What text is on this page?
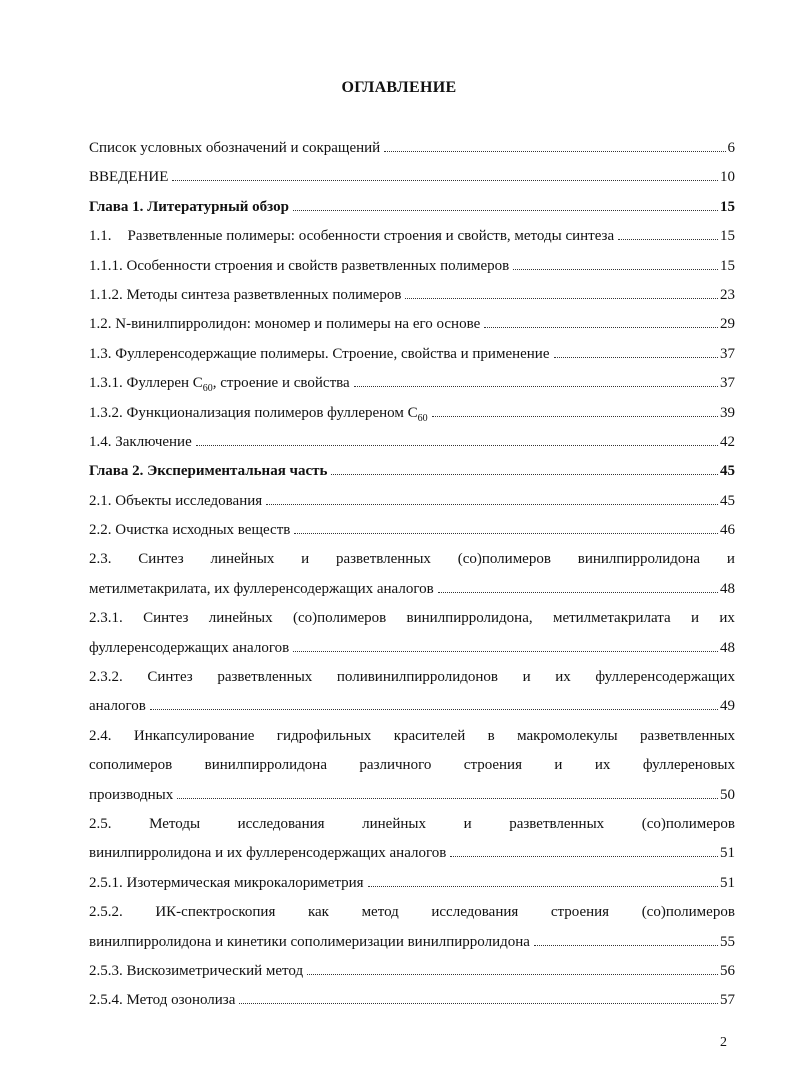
ОГЛАВЛЕНИЕ
Список условных обозначений и сокращений	6
ВВЕДЕНИЕ	10
Глава 1. Литературный обзор	15
1.1. Разветвленные полимеры: особенности строения и свойств, методы синтеза	15
1.1.1. Особенности строения и свойств разветвленных полимеров	15
1.1.2. Методы синтеза разветвленных полимеров	23
1.2. N-винилпирролидон: мономер и полимеры на его основе	29
1.3. Фуллеренсодержащие полимеры. Строение, свойства и применение	37
1.3.1. Фуллерен $С_{60}$, строение и свойства	37
1.3.2. Функционализация полимеров фуллереном $С_{60}$	39
1.4. Заключение	42
Глава 2. Экспериментальная часть	45
2.1. Объекты исследования	45
2.2. Очистка исходных веществ	46
2.3. Синтез линейных и разветвленных (со)полимеров винилпирролидона и
метилметакрилата, их фуллеренсодержащих аналогов	48
2.3.1. Синтез линейных (со)полимеров винилпирролидона, метилметакрилата и их
фуллеренсодержащих аналогов	48
2.3.2. Синтез разветвленных поливинилпирролидонов и их фуллеренсодержащих
аналогов	49
2.4. Инкапсулирование гидрофильных красителей в макромолекулы разветвленных
сополимеров винилпирролидона различного строения и их фуллереновых
производных	50
2.5.	Методы	исследования	линейных	и	разветвленных	(со)полимеров
винилпирролидона и их фуллеренсодержащих аналогов	51
2.5.1. Изотермическая микрокалориметрия	51
2.5.2. ИК-спектроскопия как метод исследования строения (со)полимеров
винилпирролидона и кинетики сополимеризации винилпирролидона	55
2.5.3. Вискозиметрический метод	56
2.5.4. Метод озонолиза	57
2
